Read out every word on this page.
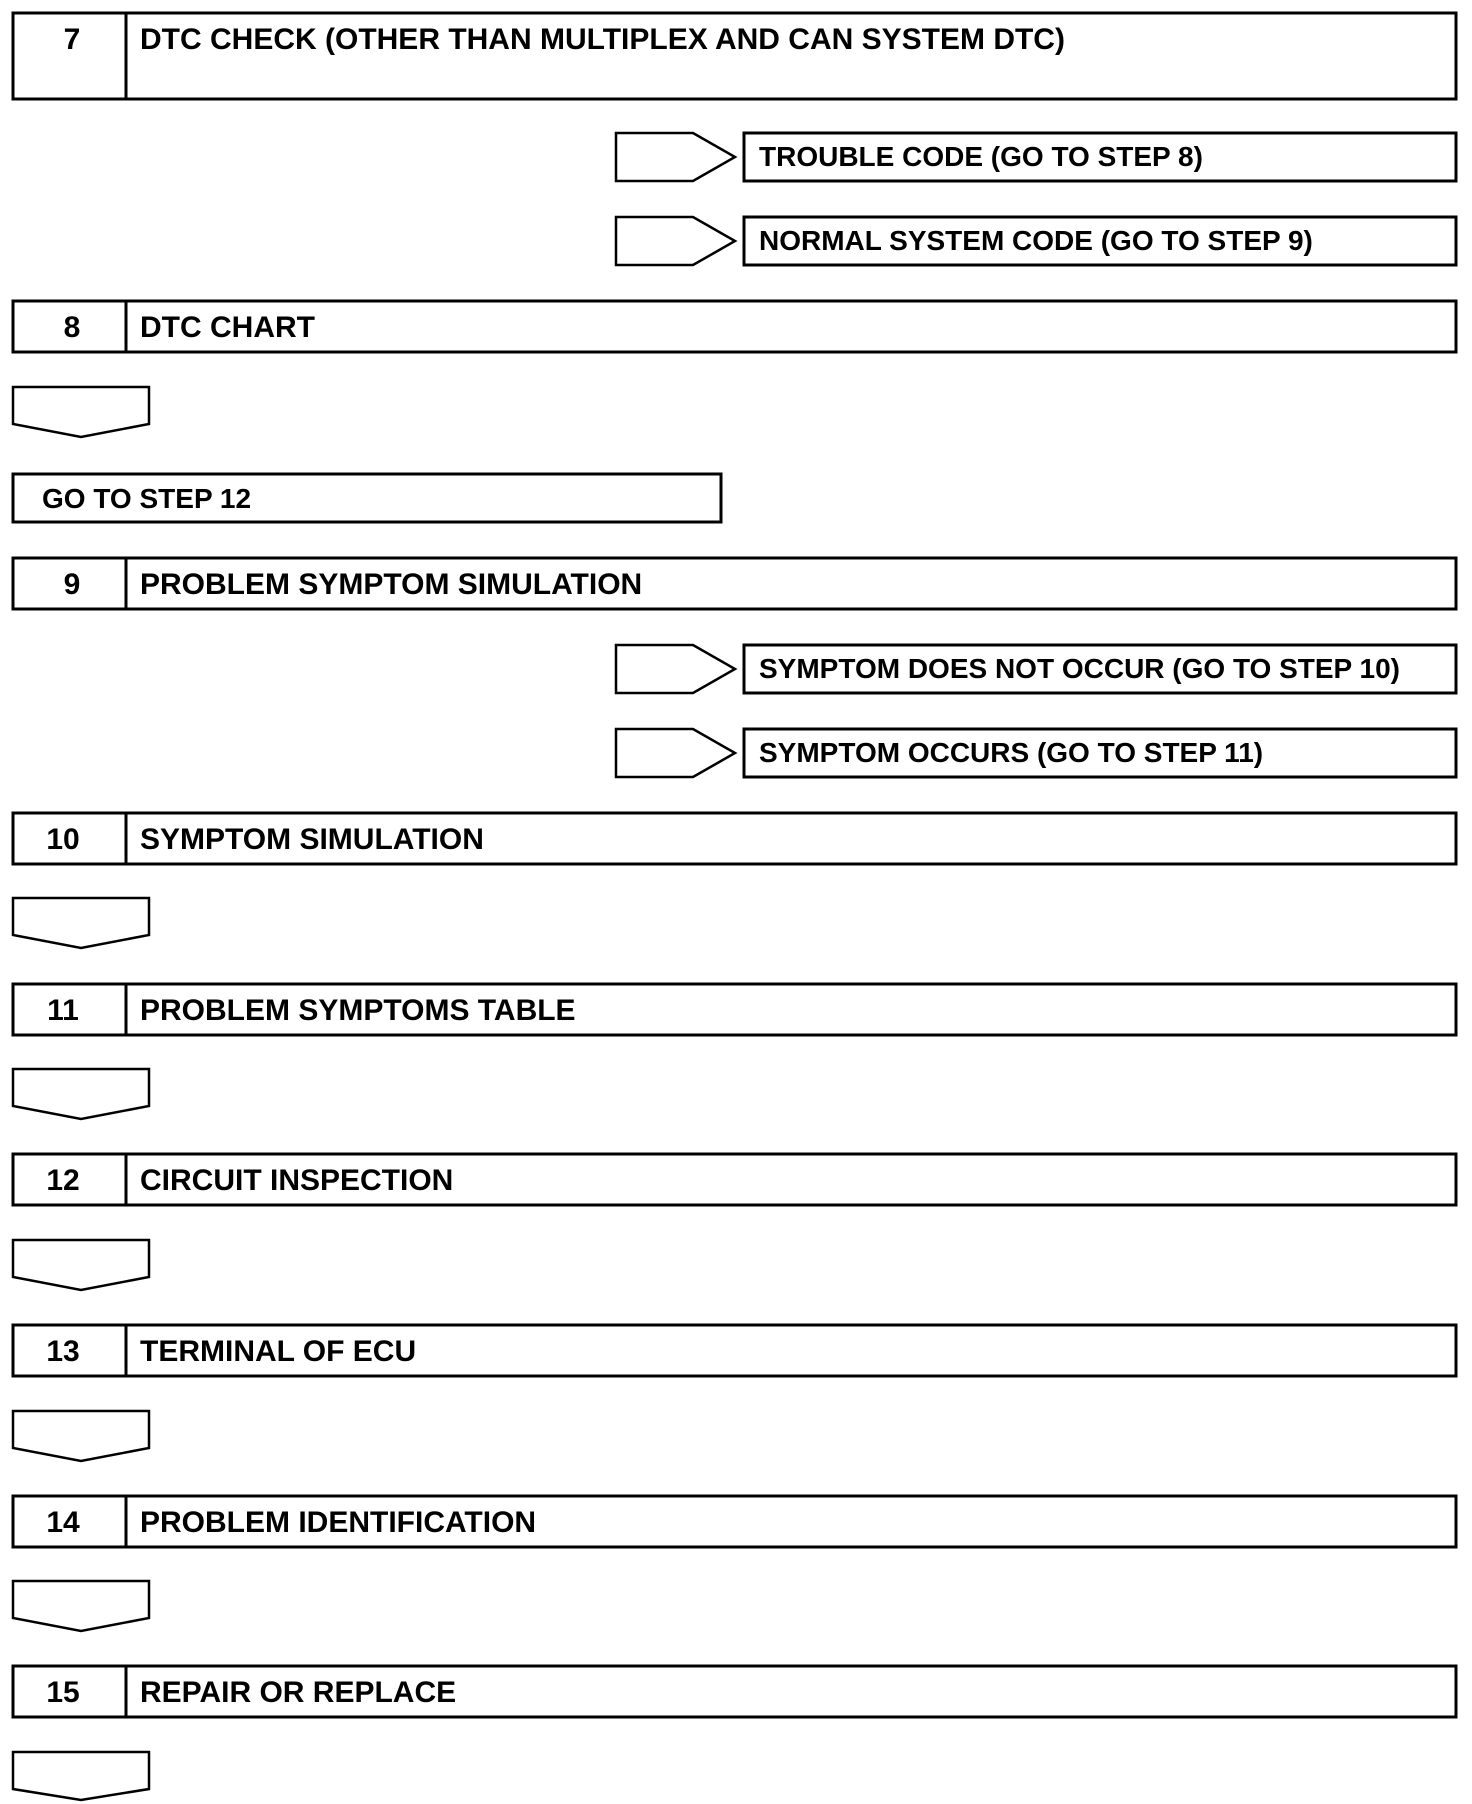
7 DTC CHECK (OTHER THAN MULTIPLEX AND CAN SYSTEM DTC)
TROUBLE CODE (GO TO STEP 8)
NORMAL SYSTEM CODE (GO TO STEP 9)
8 DTC CHART
GO TO STEP 12
9 PROBLEM SYMPTOM SIMULATION
SYMPTOM DOES NOT OCCUR (GO TO STEP 10)
SYMPTOM OCCURS (GO TO STEP 11)
10 SYMPTOM SIMULATION
11 PROBLEM SYMPTOMS TABLE
12 CIRCUIT INSPECTION
13 TERMINAL OF ECU
14 PROBLEM IDENTIFICATION
15 REPAIR OR REPLACE
